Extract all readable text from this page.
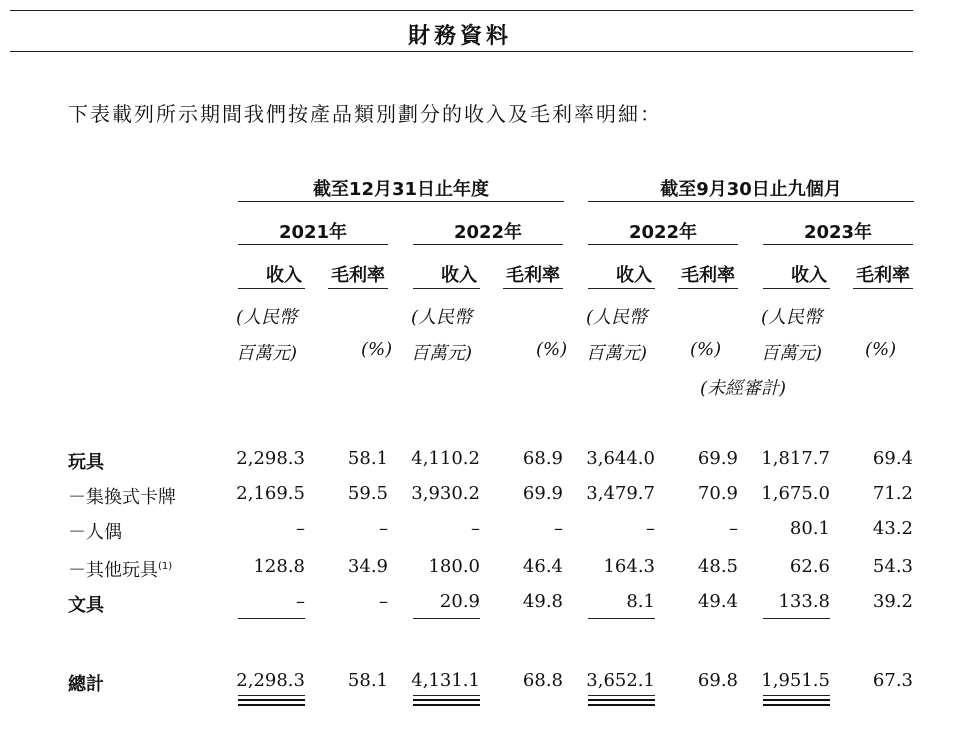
財務資料
下表載列所示期間我們按產品類別劃分的收入及毛利率明細：
截至12月31日止年度	截至9月30日止九個月
2021年	2022年	2022年	2023年
收入 毛利率	收入 毛利率	收入 毛利率	收入 毛利率
(人民幣
百萬元)	(%)
(人民幣
百萬元)	(%)
(人民幣
百萬元) (%)
(未經審計)
(人民幣
百萬元) (%)
玩具	2,298.3	58.1	4,110.2	68.9	3,644.0	69.9	1,817.7	69.4
－集換式卡牌	2,169.5	59.5	3,930.2	69.9	3,479.7	70.9	1,675.0	71.2
－人偶	–	–	–	–	–	–	80.1	43.2
－其他玩具$^{(1)}$	128.8	34.9	180.0	46.4	164.3	48.5	62.6	54.3
文具	–	–	20.9	49.8	8.1	49.4	133.8	39.2
總計	2,298.3	58.1	4,131.1	68.8	3,652.1	69.8	1,951.5	67.3
